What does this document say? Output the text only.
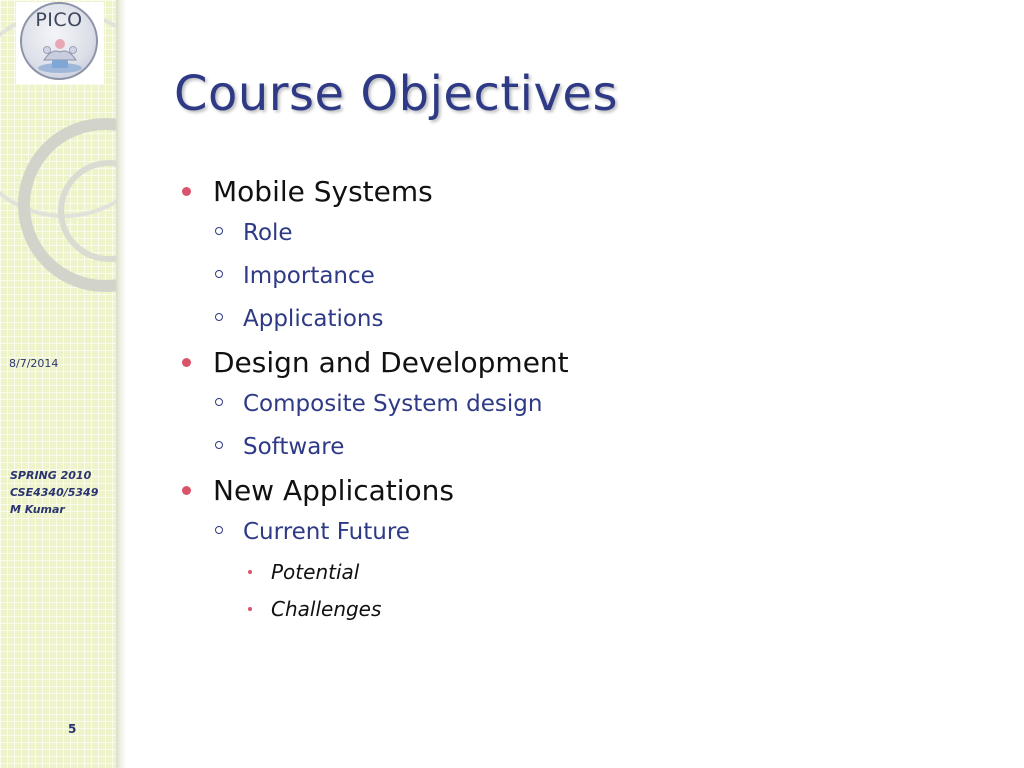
PICO
8/7/2014
SPRING 2010
CSE4340/5349
M Kumar
5
Course Objectives
Mobile Systems
Role
Importance
Applications
Design and Development
Composite System design
Software
New Applications
Current Future
Potential
Challenges
